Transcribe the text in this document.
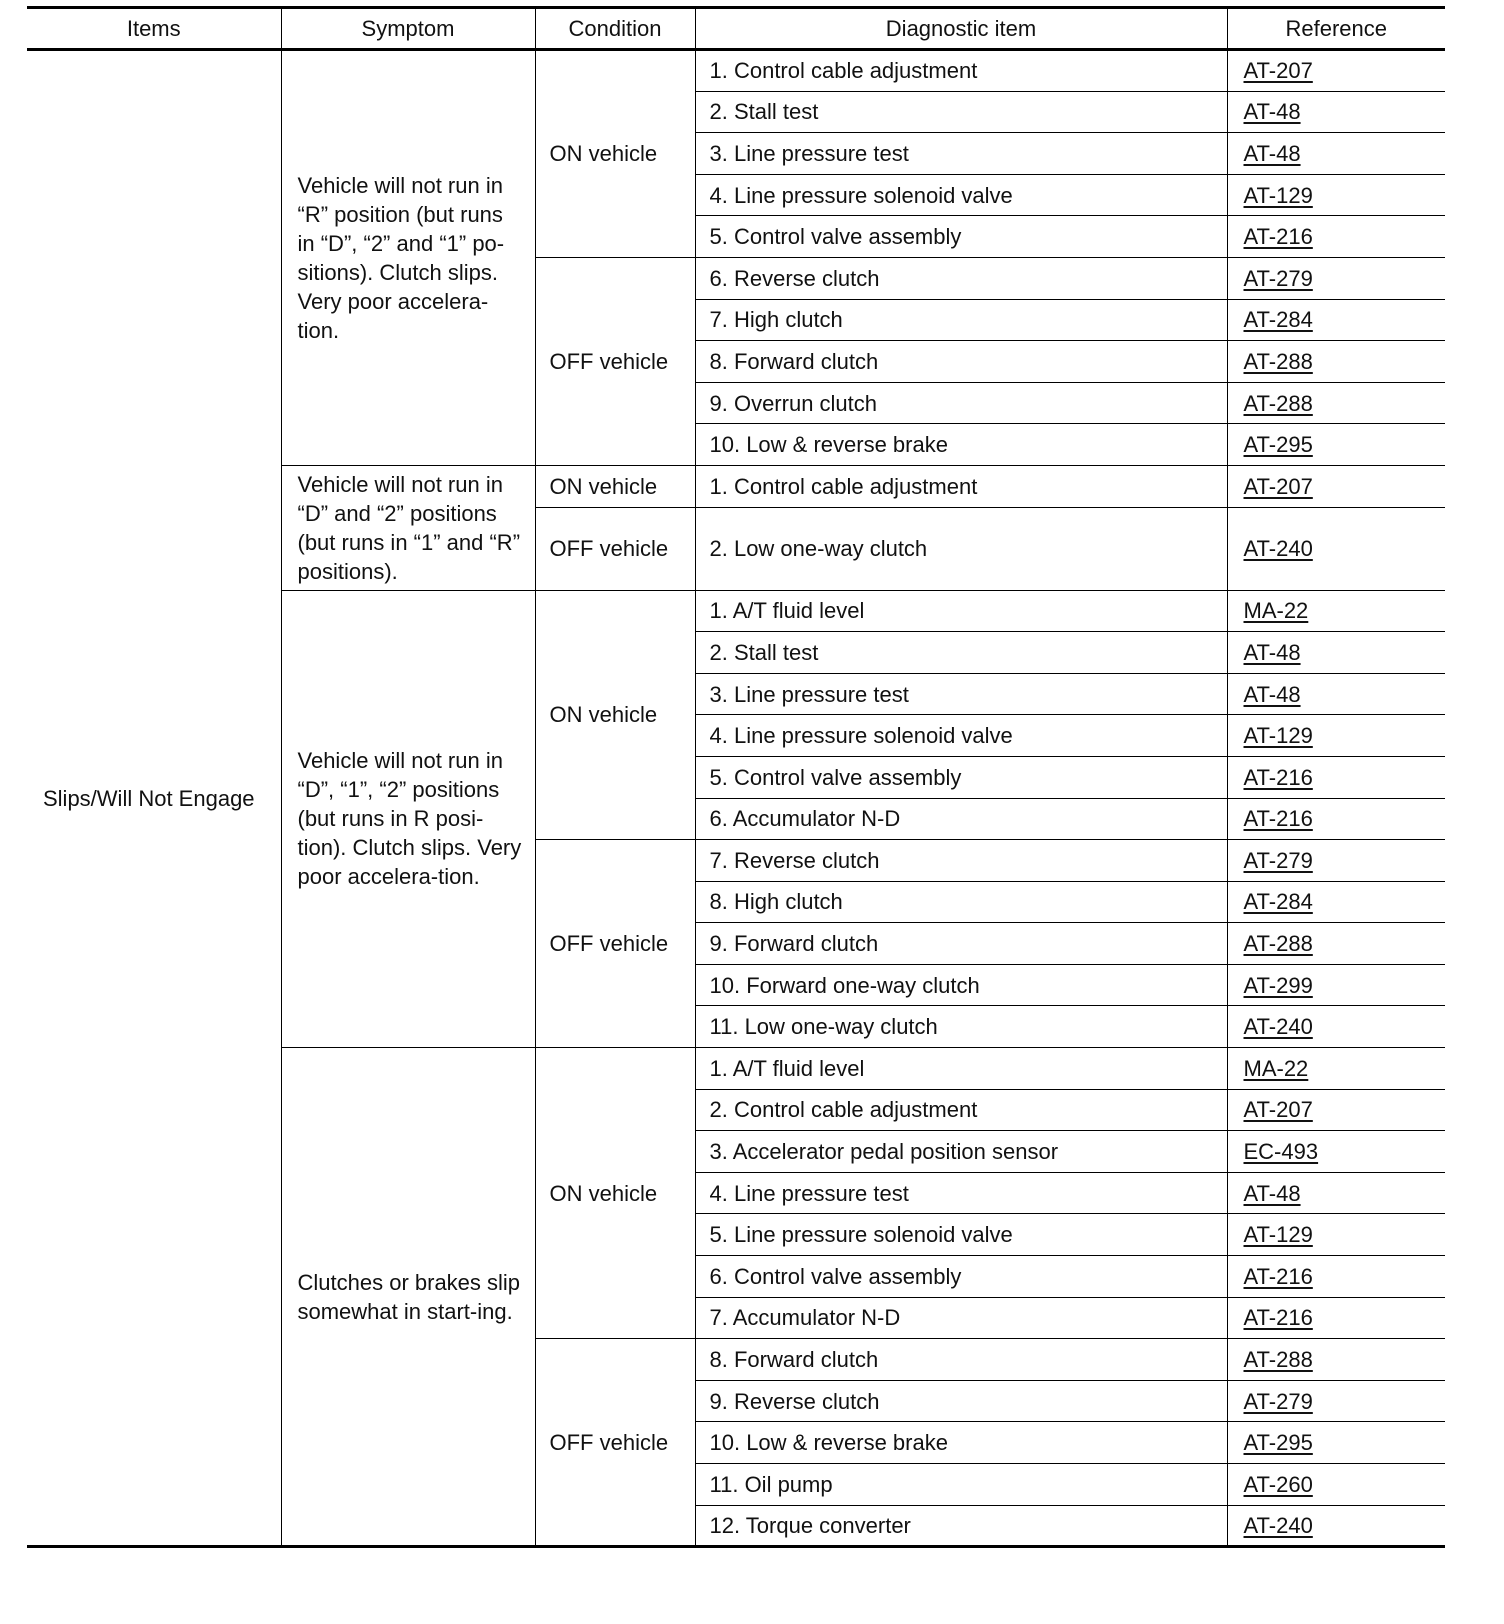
Items	Symptom	Condition	Diagnostic item	Reference
Slips/Will Not Engage	Vehicle will not run in “R” position (but runs in “D”, “2” and “1” po-sitions). Clutch slips. Very poor accelera-tion.	ON vehicle	1. Control cable adjustment	AT-207
			2. Stall test	AT-48
			3. Line pressure test	AT-48
			4. Line pressure solenoid valve	AT-129
			5. Control valve assembly	AT-216
		OFF vehicle	6. Reverse clutch	AT-279
			7. High clutch	AT-284
			8. Forward clutch	AT-288
			9. Overrun clutch	AT-288
			10. Low & reverse brake	AT-295
	Vehicle will not run in “D” and “2” positions (but runs in “1” and “R” positions).	ON vehicle	1. Control cable adjustment	AT-207
		OFF vehicle	2. Low one-way clutch	AT-240
	Vehicle will not run in “D”, “1”, “2” positions (but runs in R posi-tion). Clutch slips. Very poor accelera-tion.	ON vehicle	1. A/T fluid level	MA-22
			2. Stall test	AT-48
			3. Line pressure test	AT-48
			4. Line pressure solenoid valve	AT-129
			5. Control valve assembly	AT-216
			6. Accumulator N-D	AT-216
		OFF vehicle	7. Reverse clutch	AT-279
			8. High clutch	AT-284
			9. Forward clutch	AT-288
			10. Forward one-way clutch	AT-299
			11. Low one-way clutch	AT-240
	Clutches or brakes slip somewhat in start-ing.	ON vehicle	1. A/T fluid level	MA-22
			2. Control cable adjustment	AT-207
			3. Accelerator pedal position sensor	EC-493
			4. Line pressure test	AT-48
			5. Line pressure solenoid valve	AT-129
			6. Control valve assembly	AT-216
			7. Accumulator N-D	AT-216
		OFF vehicle	8. Forward clutch	AT-288
			9. Reverse clutch	AT-279
			10. Low & reverse brake	AT-295
			11. Oil pump	AT-260
			12. Torque converter	AT-240
